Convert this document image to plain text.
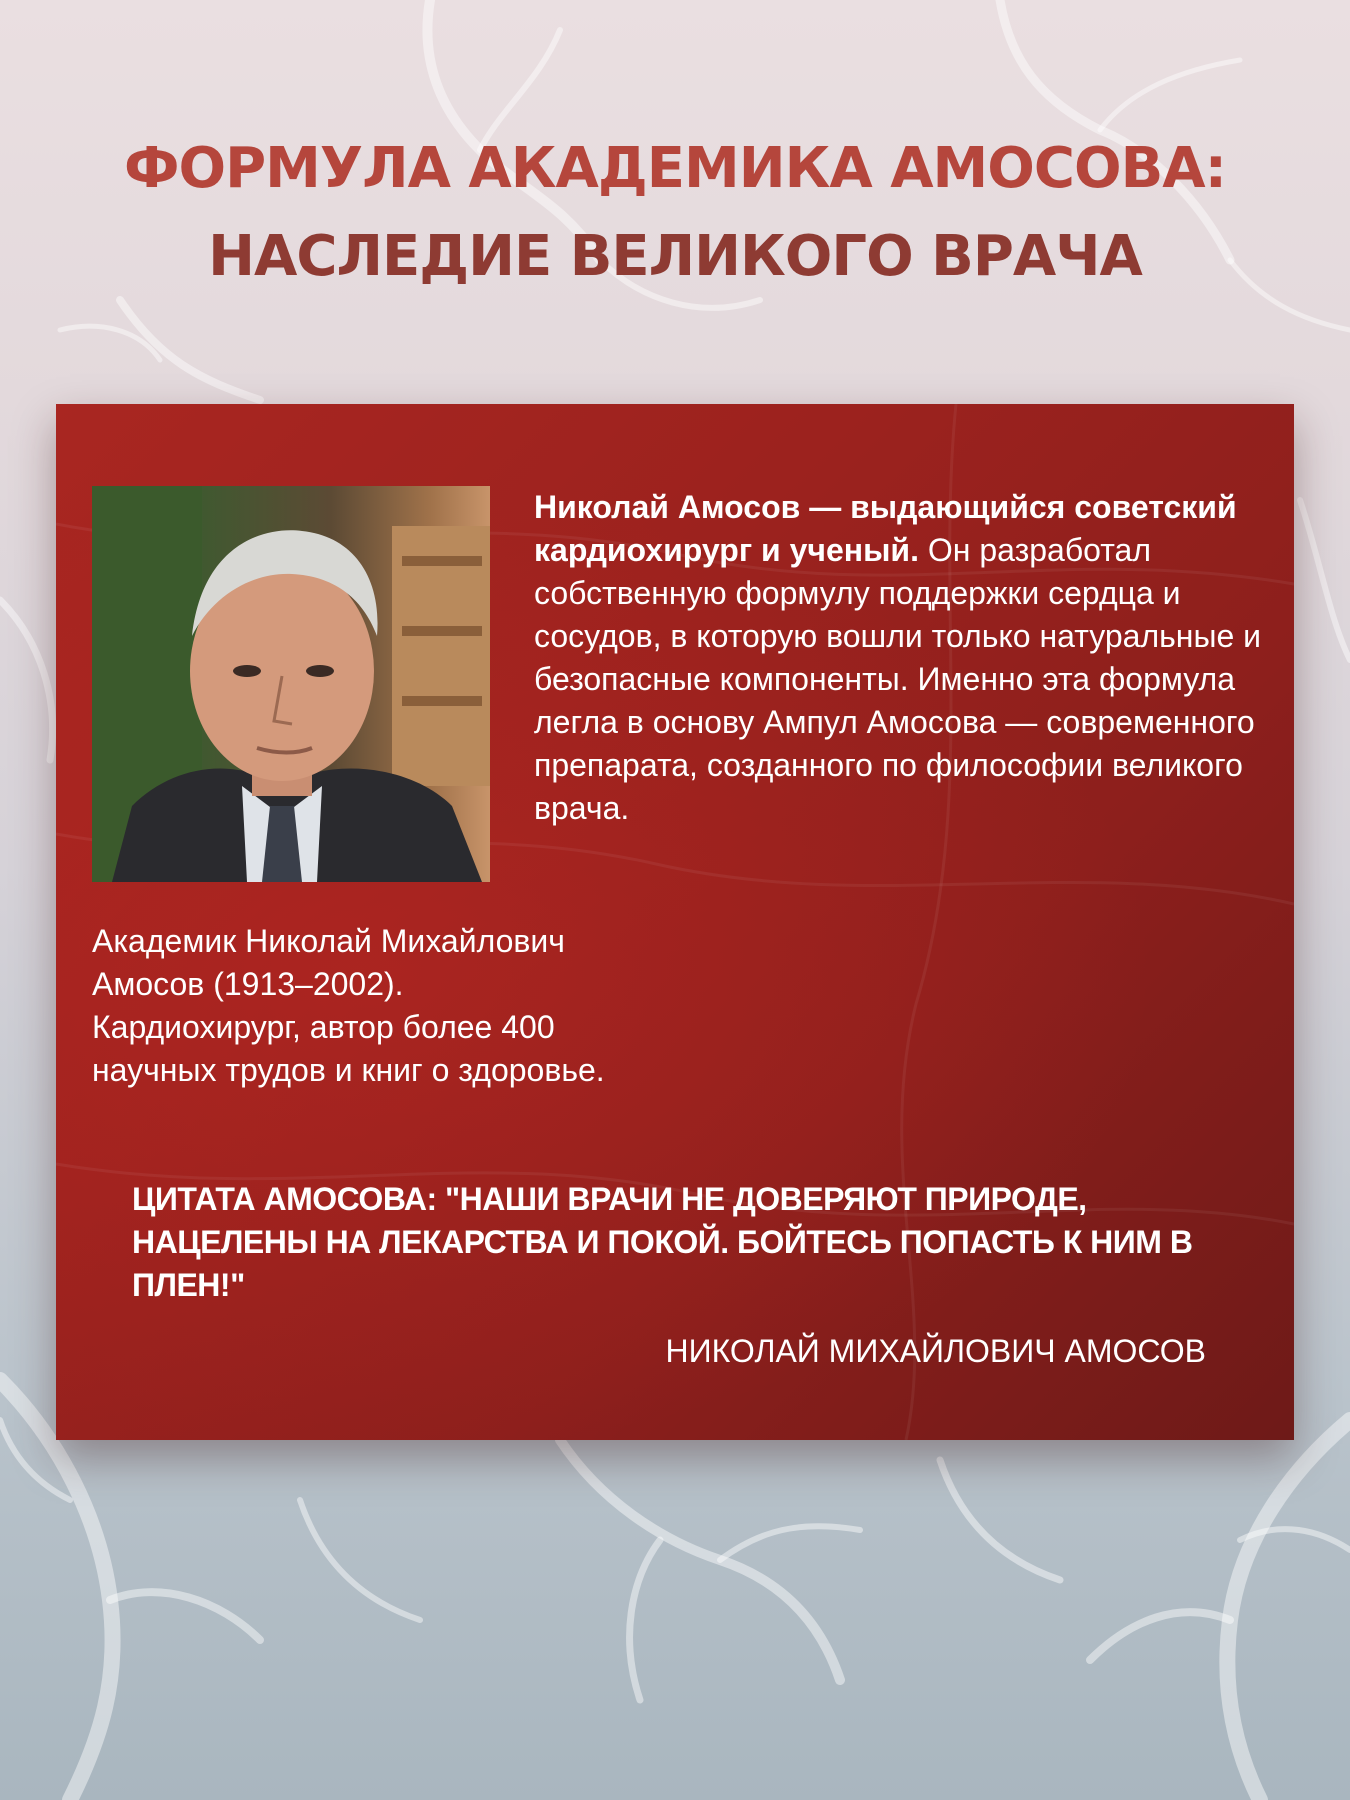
ФОРМУЛА АКАДЕМИКА АМОСОВА:
НАСЛЕДИЕ ВЕЛИКОГО ВРАЧА

Николай Амосов — выдающийся советский кардиохирург и ученый. Он разработал собственную формулу поддержки сердца и сосудов, в которую вошли только натуральные и безопасные компоненты. Именно эта формула легла в основу Ампул Амосова — современного препарата, созданного по философии великого врача.

Академик Николай Михайлович Амосов (1913–2002). Кардиохирург, автор более 400 научных трудов и книг о здоровье.

ЦИТАТА АМОСОВА: "НАШИ ВРАЧИ НЕ ДОВЕРЯЮТ ПРИРОДЕ, НАЦЕЛЕНЫ НА ЛЕКАРСТВА И ПОКОЙ. БОЙТЕСЬ ПОПАСТЬ К НИМ В ПЛЕН!"

НИКОЛАЙ МИХАЙЛОВИЧ АМОСОВ
